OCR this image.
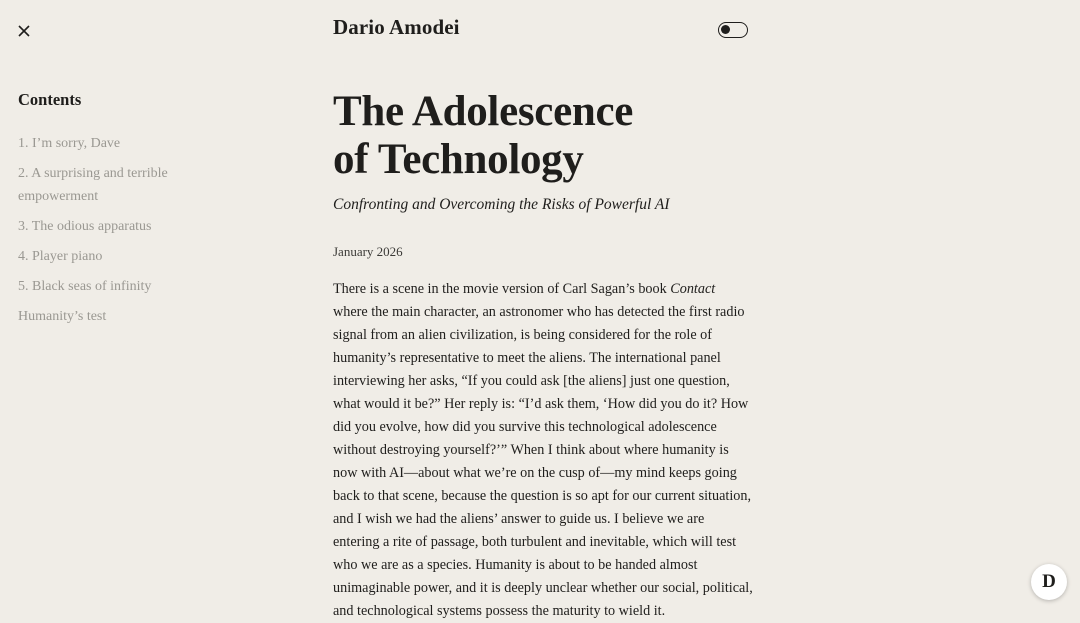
Dario Amodei
Contents
1. I’m sorry, Dave
2. A surprising and terrible empowerment
3. The odious apparatus
4. Player piano
5. Black seas of infinity
Humanity’s test
The Adolescence
of Technology
Confronting and Overcoming the Risks of Powerful AI
January 2026

There is a scene in the movie version of Carl Sagan’s book Contact where the main character, an astronomer who has detected the first radio signal from an alien civilization, is being considered for the role of humanity’s representative to meet the aliens. The international panel interviewing her asks, “If you could ask [the aliens] just one question, what would it be?” Her reply is: “I’d ask them, ‘How did you do it? How did you evolve, how did you survive this technological adolescence without destroying yourself?’” When I think about where humanity is now with AI—about what we’re on the cusp of—my mind keeps going back to that scene, because the question is so apt for our current situation, and I wish we had the aliens’ answer to guide us. I believe we are entering a rite of passage, both turbulent and inevitable, which will test who we are as a species. Humanity is about to be handed almost unimaginable power, and it is deeply unclear whether our social, political, and technological systems possess the maturity to wield it.

D
